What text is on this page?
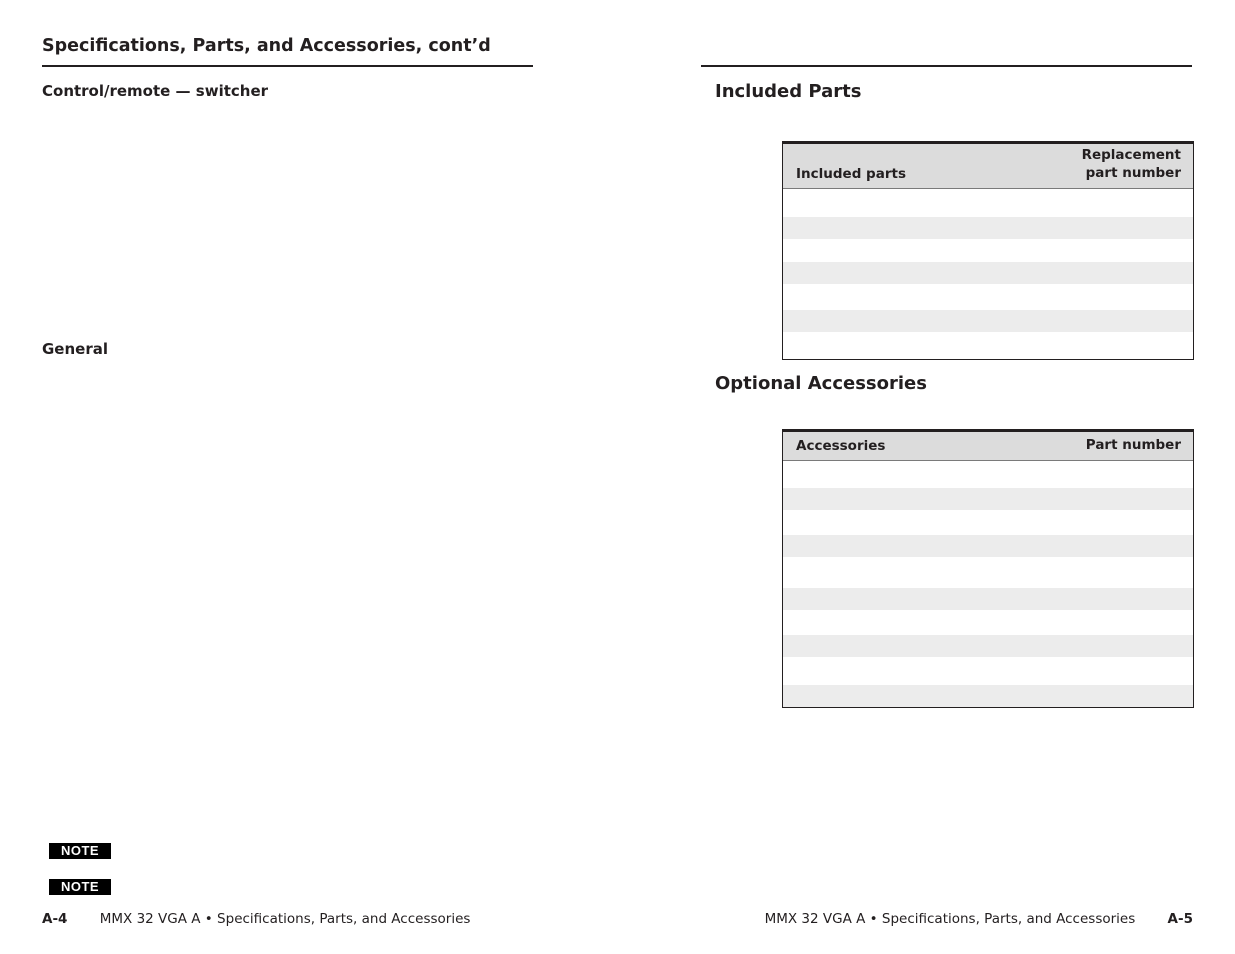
Specifications, Parts, and Accessories, cont’d
Control/remote — switcher
General
NOTE
NOTE
A-4 MMX 32 VGA A • Specifications, Parts, and Accessories
Included Parts
Included parts
Replacement
part number
Optional Accessories
Accessories	Part number
MMX 32 VGA A • Specifications, Parts, and Accessories A-5
